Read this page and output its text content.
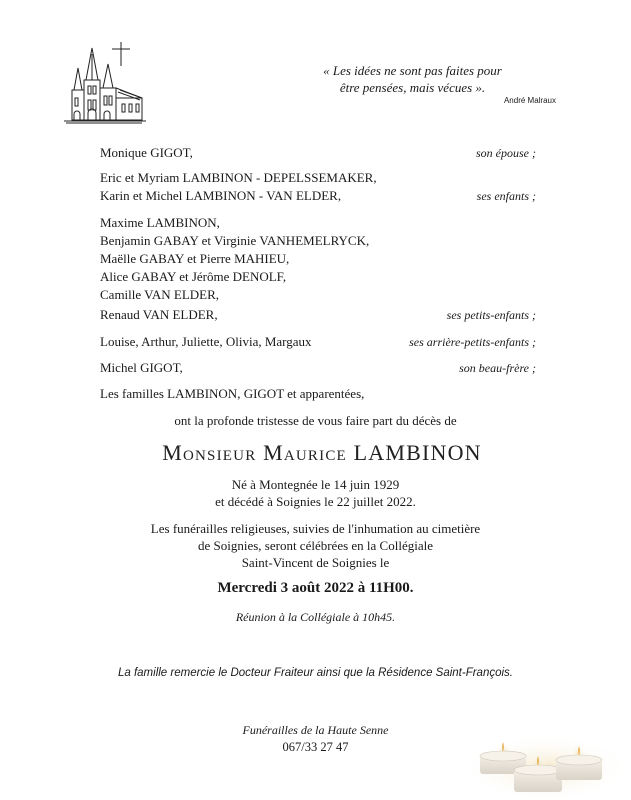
« Les idées ne sont pas faites pour
être pensées, mais vécues ».
André Malraux
Monique GIGOT,	son épouse ;
Eric et Myriam LAMBINON - DEPELSSEMAKER,
Karin et Michel LAMBINON - VAN ELDER,	ses enfants ;
Maxime LAMBINON,
Benjamin GABAY et Virginie VANHEMELRYCK,
Maëlle GABAY et Pierre MAHIEU,
Alice GABAY et Jérôme DENOLF,
Camille VAN ELDER,
Renaud VAN ELDER,	ses petits-enfants ;
Louise, Arthur, Juliette, Olivia, Margaux	ses arrière-petits-enfants ;
Michel GIGOT,	son beau-frère ;
Les familles LAMBINON, GIGOT et apparentées,
ont la profonde tristesse de vous faire part du décès de
Monsieur Maurice LAMBINON
Né à Montegnée le 14 juin 1929
et décédé à Soignies le 22 juillet 2022.
Les funérailles religieuses, suivies de l'inhumation au cimetière
de Soignies, seront célébrées en la Collégiale
Saint-Vincent de Soignies le
Mercredi 3 août 2022 à 11H00.
Réunion à la Collégiale à 10h45.
La famille remercie le Docteur Fraiteur ainsi que la Résidence Saint-François.
Funérailles de la Haute Senne
067/33 27 47
